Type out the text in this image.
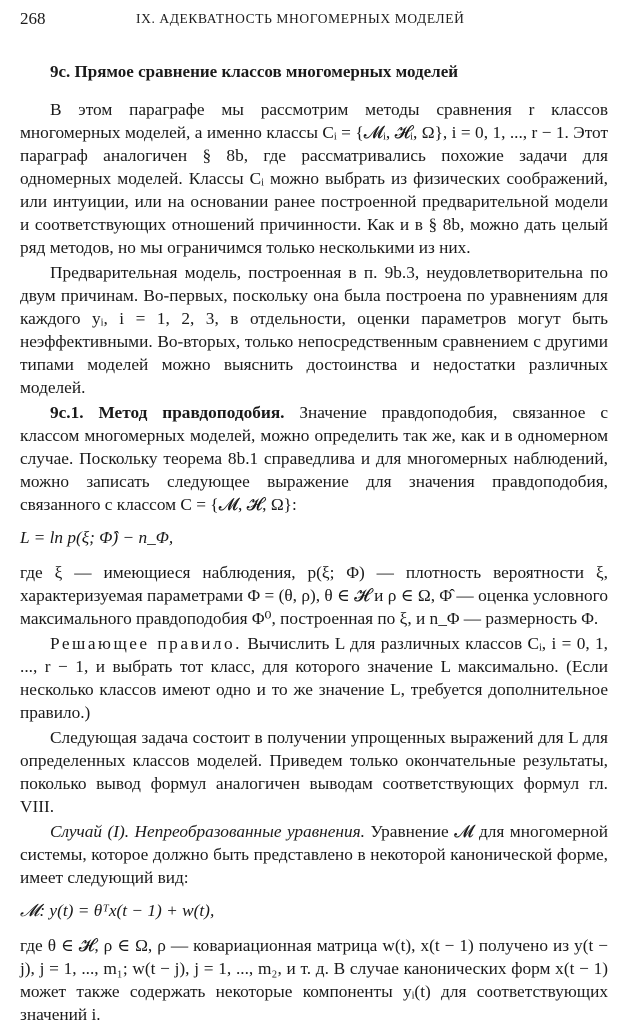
268	IX. АДЕКВАТНОСТЬ МНОГОМЕРНЫХ МОДЕЛЕЙ
9с. Прямое сравнение классов многомерных моделей

В этом параграфе мы рассмотрим методы сравнения r классов многомерных моделей, а именно классы Cᵢ = {𝓜ᵢ, 𝓗ᵢ, Ω}, i = 0, 1, ..., r − 1. Этот параграф аналогичен § 8b, где рассматривались похожие задачи для одномерных моделей. Классы Cᵢ можно выбрать из физических соображений, или интуиции, или на основании ранее построенной предварительной модели и соответствующих отношений причинности. Как и в § 8b, можно дать целый ряд методов, но мы ограничимся только несколькими из них.

Предварительная модель, построенная в п. 9b.3, неудовлетворительна по двум причинам. Во-первых, поскольку она была построена по уравнениям для каждого yᵢ, i = 1, 2, 3, в отдельности, оценки параметров могут быть неэффективными. Во-вторых, только непосредственным сравнением с другими типами моделей можно выяснить достоинства и недостатки различных моделей.

9с.1. Метод правдоподобия. Значение правдоподобия, связанное с классом многомерных моделей, можно определить так же, как и в одномерном случае. Поскольку теорема 8b.1 справедлива и для многомерных наблюдений, можно записать следующее выражение для значения правдоподобия, связанного с классом C = {𝓜, 𝓗, Ω}:

L = ln p(ξ; Φ̂) − n_Φ,

где ξ — имеющиеся наблюдения, p(ξ; Φ) — плотность вероятности ξ, характеризуемая параметрами Φ = (θ, ρ), θ ∈ 𝓗 и ρ ∈ Ω, Φ̂ — оценка условного максимального правдоподобия Φ⁰, построенная по ξ, и n_Φ — размерность Φ.

Решающее правило. Вычислить L для различных классов Cᵢ, i = 0, 1, ..., r − 1, и выбрать тот класс, для которого значение L максимально. (Если несколько классов имеют одно и то же значение L, требуется дополнительное правило.)

Следующая задача состоит в получении упрощенных выражений для L для определенных классов моделей. Приведем только окончательные результаты, поколько вывод формул аналогичен выводам соответствующих формул гл. VIII.

Случай (I). Непреобразованные уравнения. Уравнение 𝓜 для многомерной системы, которое должно быть представлено в некоторой канонической форме, имеет следующий вид:

𝓜: y(t) = θᵀx(t − 1) + w(t),

где θ ∈ 𝓗, ρ ∈ Ω, ρ — ковариационная матрица w(t), x(t − 1) получено из y(t − j), j = 1, ..., m₁; w(t − j), j = 1, ..., m₂, и т. д. В случае канонических форм x(t − 1) может также содержать некоторые компоненты yᵢ(t) для соответствующих значений i.
